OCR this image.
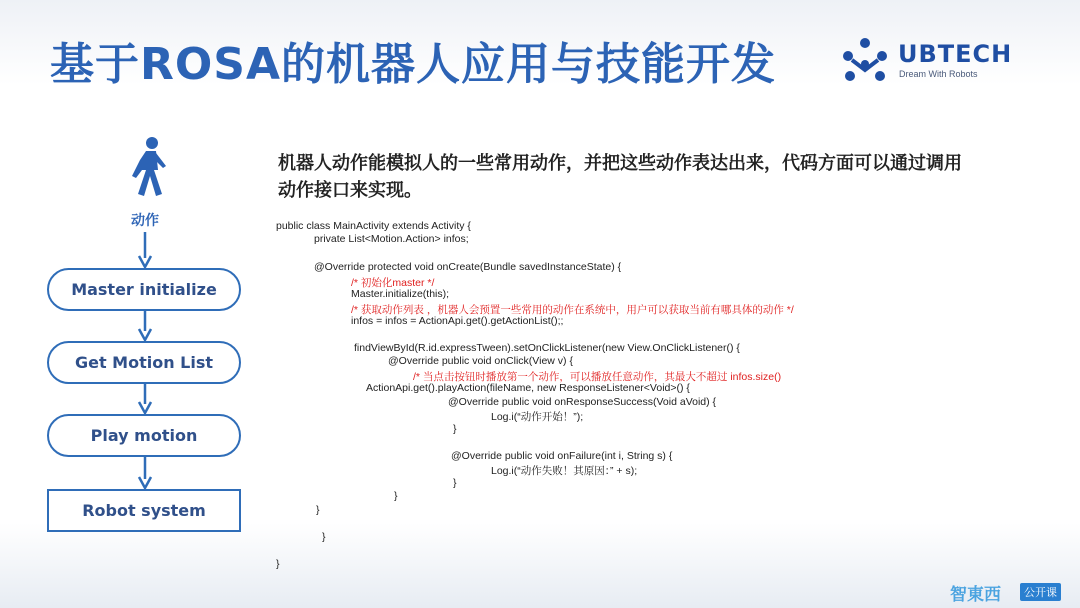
基于ROSA的机器人应用与技能开发	UBTECH
Dream With Robots
动作
Master initialize
Get Motion List
Play motion
Robot system
机器人动作能模拟人的一些常用动作，并把这些动作表达出来，代码方面可以通过调用动作接口来实现。
public class MainActivity extends Activity {
private List<Motion.Action> infos;
@Override protected void onCreate(Bundle savedInstanceState) {
/* 初始化master */
Master.initialize(this);
/* 获取动作列表 ，机器人会预置一些常用的动作在系统中，用户可以获取当前有哪具体的动作 */
infos = infos = ActionApi.get().getActionList();;
findViewById(R.id.expressTween).setOnClickListener(new View.OnClickListener() {
@Override public void onClick(View v) {
/* 当点击按钮时播放第一个动作，可以播放任意动作，其最大不超过 infos.size()
ActionApi.get().playAction(fileName, new ResponseListener<Void>() {
@Override public void onResponseSuccess(Void aVoid) {
Log.i(“动作开始！”);
}
@Override public void onFailure(int i, String s) {
Log.i(“动作失败！其原因：” + s);
}
}
}
}
}
智東西	公开课
